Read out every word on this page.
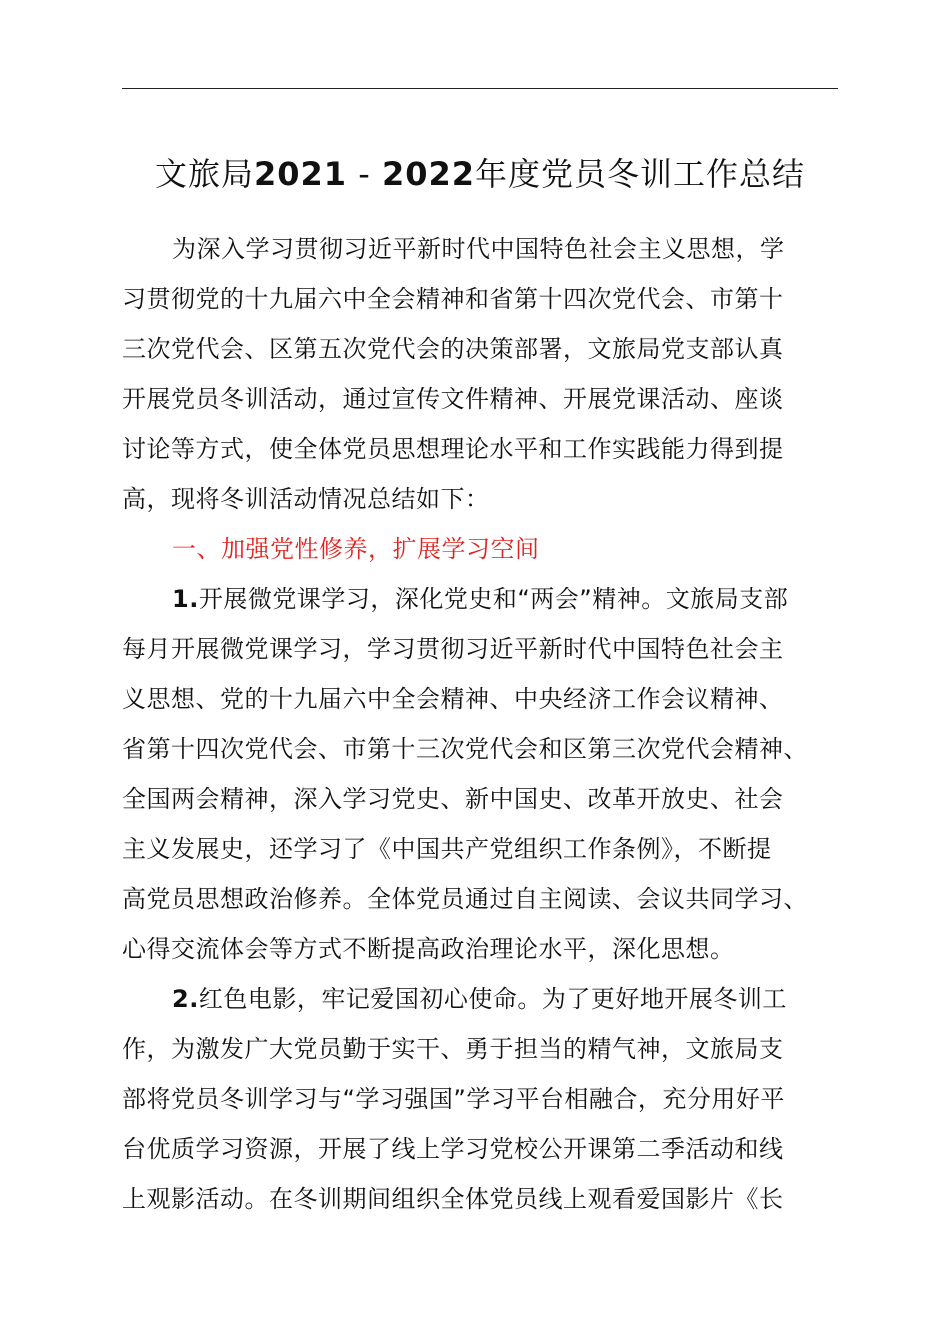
文旅局2021 - 2022年度党员冬训工作总结

为深入学习贯彻习近平新时代中国特色社会主义思想，学
习贯彻党的十九届六中全会精神和省第十四次党代会、市第十
三次党代会、区第五次党代会的决策部署，文旅局党支部认真
开展党员冬训活动，通过宣传文件精神、开展党课活动、座谈
讨论等方式，使全体党员思想理论水平和工作实践能力得到提
高，现将冬训活动情况总结如下：

一、加强党性修养，扩展学习空间

1.开展微党课学习，深化党史和“两会”精神。文旅局支部
每月开展微党课学习，学习贯彻习近平新时代中国特色社会主
义思想、党的十九届六中全会精神、中央经济工作会议精神、
省第十四次党代会、市第十三次党代会和区第三次党代会精神、
全国两会精神，深入学习党史、新中国史、改革开放史、社会
主义发展史，还学习了《中国共产党组织工作条例》，不断提
高党员思想政治修养。全体党员通过自主阅读、会议共同学习、
心得交流体会等方式不断提高政治理论水平，深化思想。

2.红色电影，牢记爱国初心使命。为了更好地开展冬训工
作，为激发广大党员勤于实干、勇于担当的精气神，文旅局支
部将党员冬训学习与“学习强国”学习平台相融合，充分用好平
台优质学习资源，开展了线上学习党校公开课第二季活动和线
上观影活动。在冬训期间组织全体党员线上观看爱国影片《长
